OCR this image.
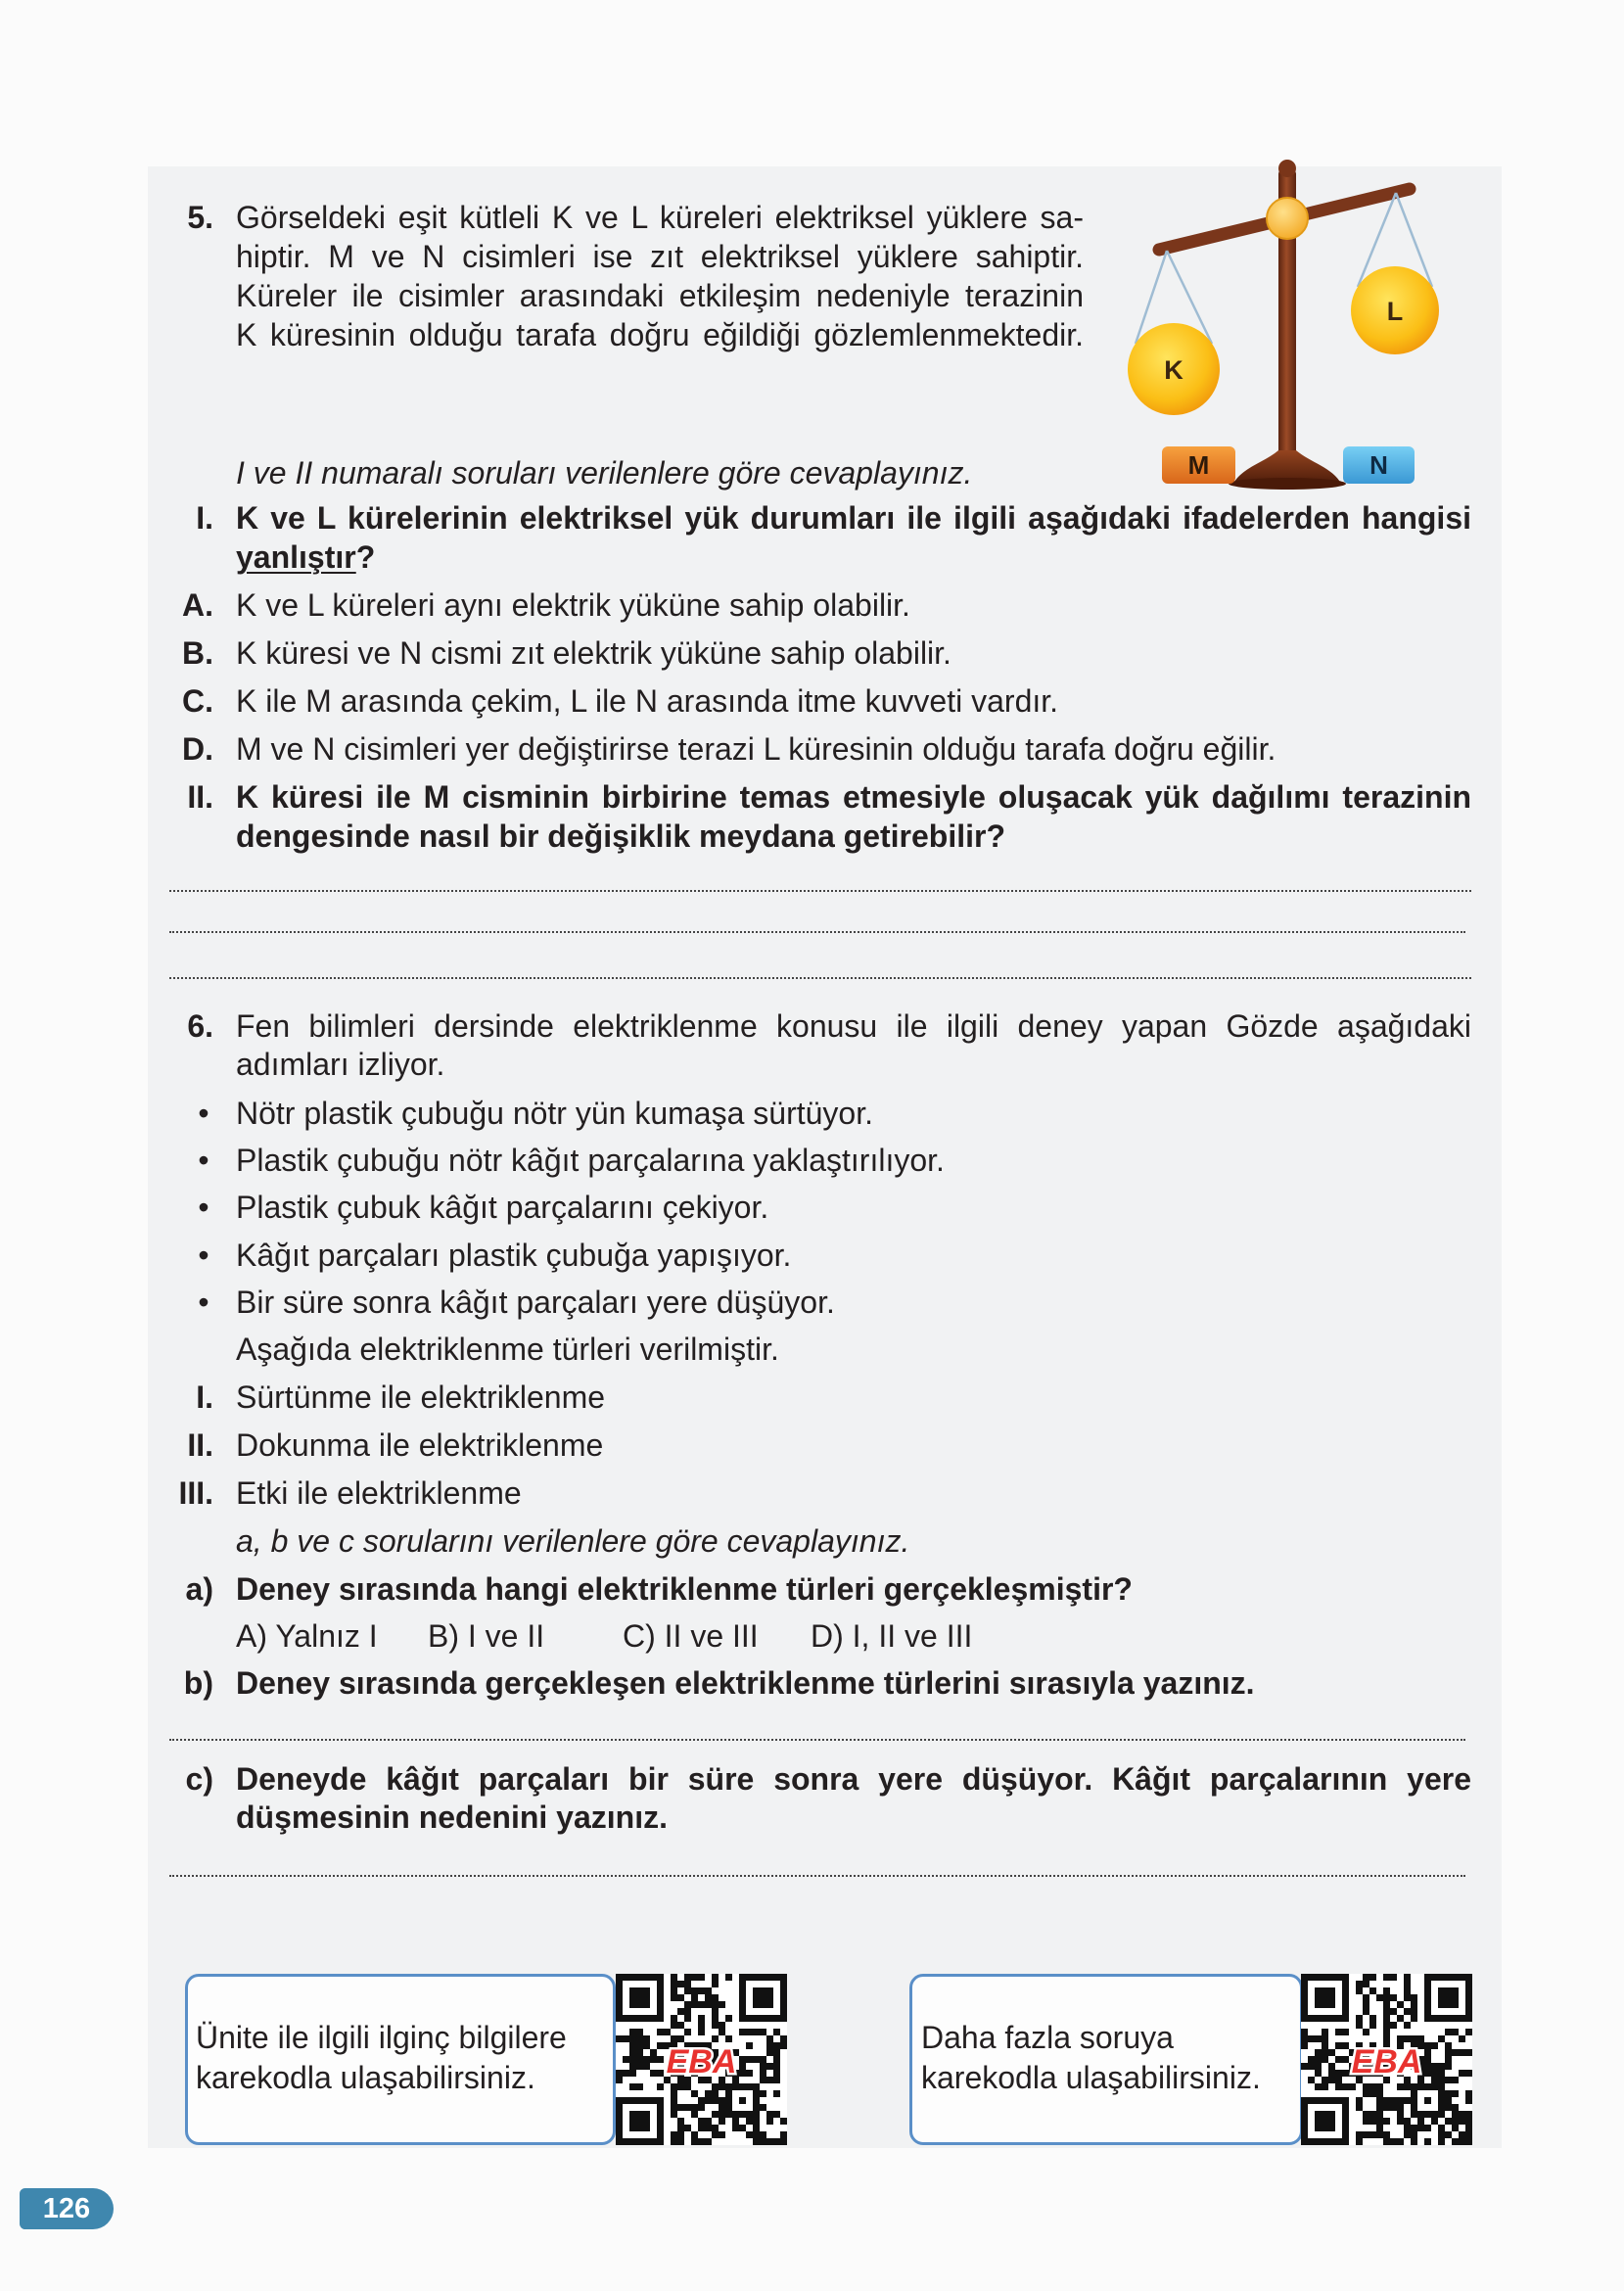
5. Görseldeki eşit kütleli K ve L küreleri elektriksel yüklere sa-
hiptir. M ve N cisimleri ise zıt elektriksel yüklere sahiptir.
Küreler ile cisimler arasındaki etkileşim nedeniyle terazinin
K küresinin olduğu tarafa doğru eğildiği gözlemlenmektedir.
K
L
M	N
I ve II numaralı soruları verilenlere göre cevaplayınız.
I. K ve L kürelerinin elektriksel yük durumları ile ilgili aşağıdaki ifadelerden hangisi
yanlıştır?
A. K ve L küreleri aynı elektrik yüküne sahip olabilir.
B. K küresi ve N cismi zıt elektrik yüküne sahip olabilir.
C. K ile M arasında çekim, L ile N arasında itme kuvveti vardır.
D. M ve N cisimleri yer değiştirirse terazi L küresinin olduğu tarafa doğru eğilir.
II. K küresi ile M cisminin birbirine temas etmesiyle oluşacak yük dağılımı terazinin
dengesinde nasıl bir değişiklik meydana getirebilir?
6. Fen bilimleri dersinde elektriklenme konusu ile ilgili deney yapan Gözde aşağıdaki
adımları izliyor.
• Nötr plastik çubuğu nötr yün kumaşa sürtüyor.
• Plastik çubuğu nötr kâğıt parçalarına yaklaştırılıyor.
• Plastik çubuk kâğıt parçalarını çekiyor.
• Kâğıt parçaları plastik çubuğa yapışıyor.
• Bir süre sonra kâğıt parçaları yere düşüyor.
Aşağıda elektriklenme türleri verilmiştir.
I. Sürtünme ile elektriklenme
II. Dokunma ile elektriklenme
III. Etki ile elektriklenme
a, b ve c sorularını verilenlere göre cevaplayınız.
a) Deney sırasında hangi elektriklenme türleri gerçekleşmiştir?
A) Yalnız I B) I ve II C) II ve III D) I, II ve III
b) Deney sırasında gerçekleşen elektriklenme türlerini sırasıyla yazınız.
c) Deneyde kâğıt parçaları bir süre sonra yere düşüyor. Kâğıt parçalarının yere
düşmesinin nedenini yazınız.
Ünite ile ilgili ilginç bilgilere
karekodla ulaşabilirsiniz.	EBA
Daha fazla soruya
karekodla ulaşabilirsiniz.	EBA
126
